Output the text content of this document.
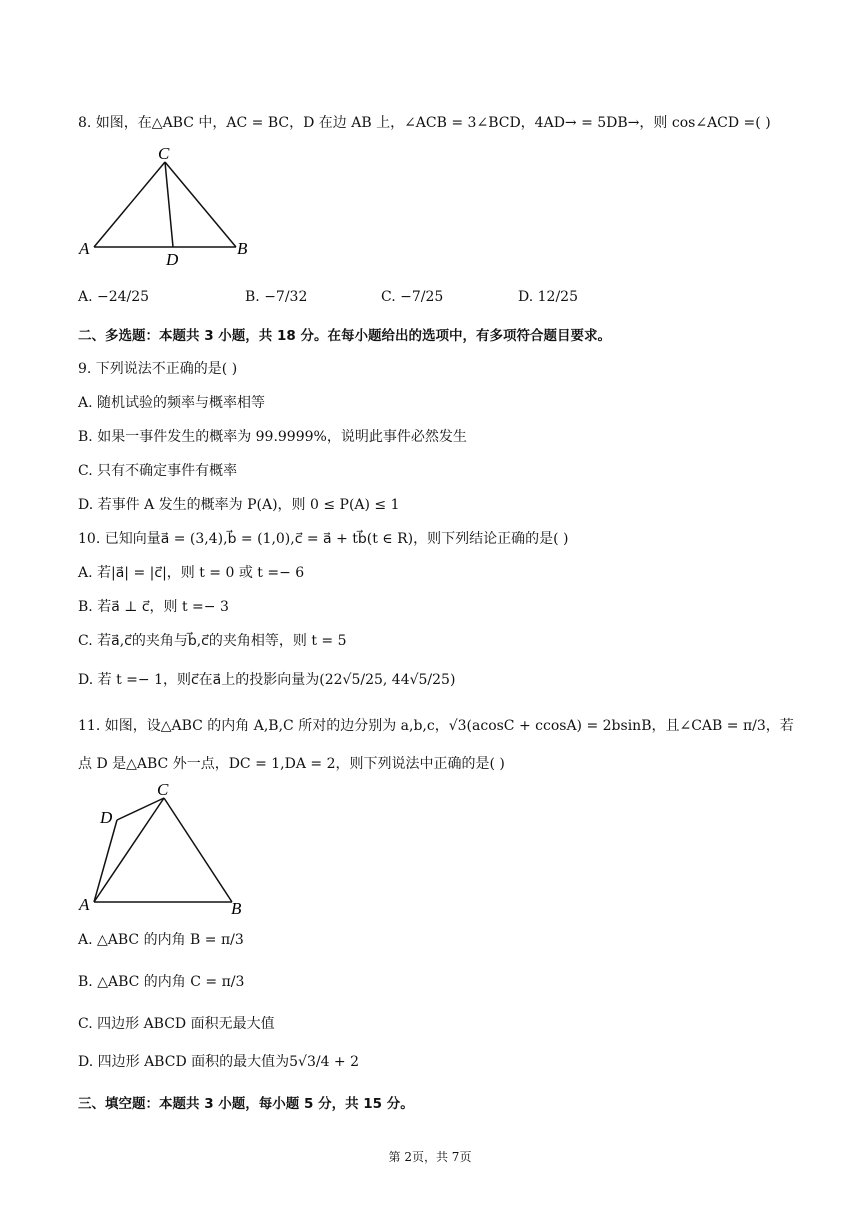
8. 如图，在△ABC 中，AC = BC，D 在边 AB 上，∠ACB = 3∠BCD，4AD→ = 5DB→，则 cos∠ACD =( )
C
A
D
B
A. −24/25	B. −7/32	C. −7/25	D. 12/25
二、多选题：本题共 3 小题，共 18 分。在每小题给出的选项中，有多项符合题目要求。
9. 下列说法不正确的是( )
A. 随机试验的频率与概率相等
B. 如果一事件发生的概率为 99.9999%，说明此事件必然发生
C. 只有不确定事件有概率
D. 若事件 A 发生的概率为 P(A)，则 0 ≤ P(A) ≤ 1
10. 已知向量a⃗ = (3,4),b⃗ = (1,0),c⃗ = a⃗ + tb⃗(t ∈ R)，则下列结论正确的是( )
A. 若|a⃗| = |c⃗|，则 t = 0 或 t =− 6
B. 若a⃗ ⊥ c⃗，则 t =− 3
C. 若a⃗,c⃗的夹角与b⃗,c⃗的夹角相等，则 t = 5
D. 若 t =− 1，则c⃗在a⃗上的投影向量为(22√5/25, 44√5/25)
11. 如图，设△ABC 的内角 A,B,C 所对的边分别为 a,b,c，√3(acosC + ccosA) = 2bsinB，且∠CAB = π/3，若
点 D 是△ABC 外一点，DC = 1,DA = 2，则下列说法中正确的是( )
C
D
A	B
A. △ABC 的内角 B = π/3
B. △ABC 的内角 C = π/3
C. 四边形 ABCD 面积无最大值
D. 四边形 ABCD 面积的最大值为5√3/4 + 2
三、填空题：本题共 3 小题，每小题 5 分，共 15 分。
第 2页，共 7页
